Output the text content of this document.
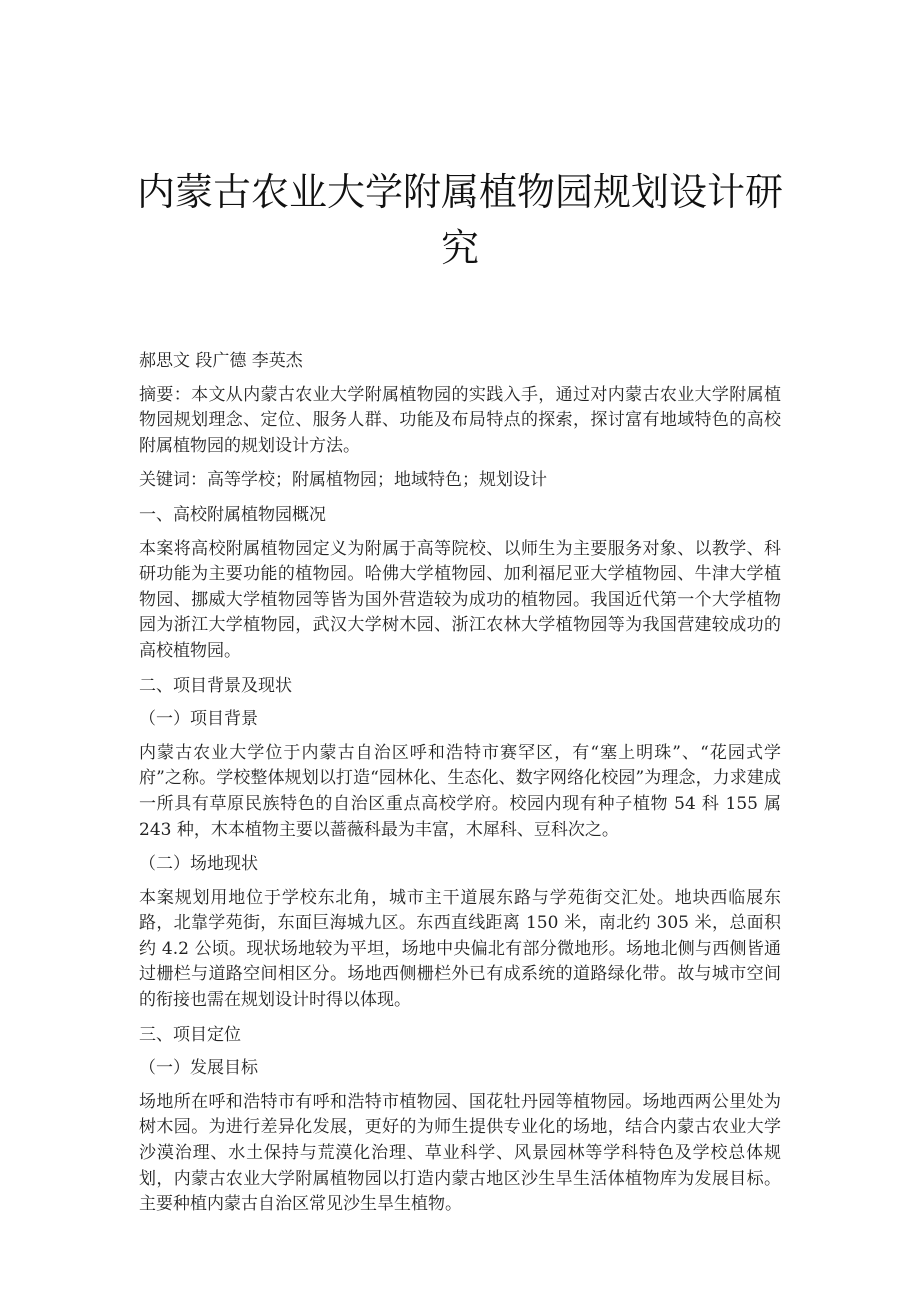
内蒙古农业大学附属植物园规划设计研究

郝思文 段广德 李英杰

摘要：本文从内蒙古农业大学附属植物园的实践入手，通过对内蒙古农业大学附属植物园规划理念、定位、服务人群、功能及布局特点的探索，探讨富有地域特色的高校附属植物园的规划设计方法。

关键词：高等学校；附属植物园；地域特色；规划设计

一、高校附属植物园概况

本案将高校附属植物园定义为附属于高等院校、以师生为主要服务对象、以教学、科研功能为主要功能的植物园。哈佛大学植物园、加利福尼亚大学植物园、牛津大学植物园、挪威大学植物园等皆为国外营造较为成功的植物园。我国近代第一个大学植物园为浙江大学植物园，武汉大学树木园、浙江农林大学植物园等为我国营建较成功的高校植物园。

二、项目背景及现状

（一）项目背景

内蒙古农业大学位于内蒙古自治区呼和浩特市赛罕区，有“塞上明珠”、“花园式学府”之称。学校整体规划以打造“园林化、生态化、数字网络化校园”为理念，力求建成一所具有草原民族特色的自治区重点高校学府。校园内现有种子植物 54 科 155 属 243 种，木本植物主要以蔷薇科最为丰富，木犀科、豆科次之。

（二）场地现状

本案规划用地位于学校东北角，城市主干道展东路与学苑街交汇处。地块西临展东路，北靠学苑街，东面巨海城九区。东西直线距离 150 米，南北约 305 米，总面积约 4.2 公顷。现状场地较为平坦，场地中央偏北有部分微地形。场地北侧与西侧皆通过栅栏与道路空间相区分。场地西侧栅栏外已有成系统的道路绿化带。故与城市空间的衔接也需在规划设计时得以体现。

三、项目定位

（一）发展目标

场地所在呼和浩特市有呼和浩特市植物园、国花牡丹园等植物园。场地西两公里处为树木园。为进行差异化发展，更好的为师生提供专业化的场地，结合内蒙古农业大学沙漠治理、水土保持与荒漠化治理、草业科学、风景园林等学科特色及学校总体规划，内蒙古农业大学附属植物园以打造内蒙古地区沙生旱生活体植物库为发展目标。主要种植内蒙古自治区常见沙生旱生植物。
